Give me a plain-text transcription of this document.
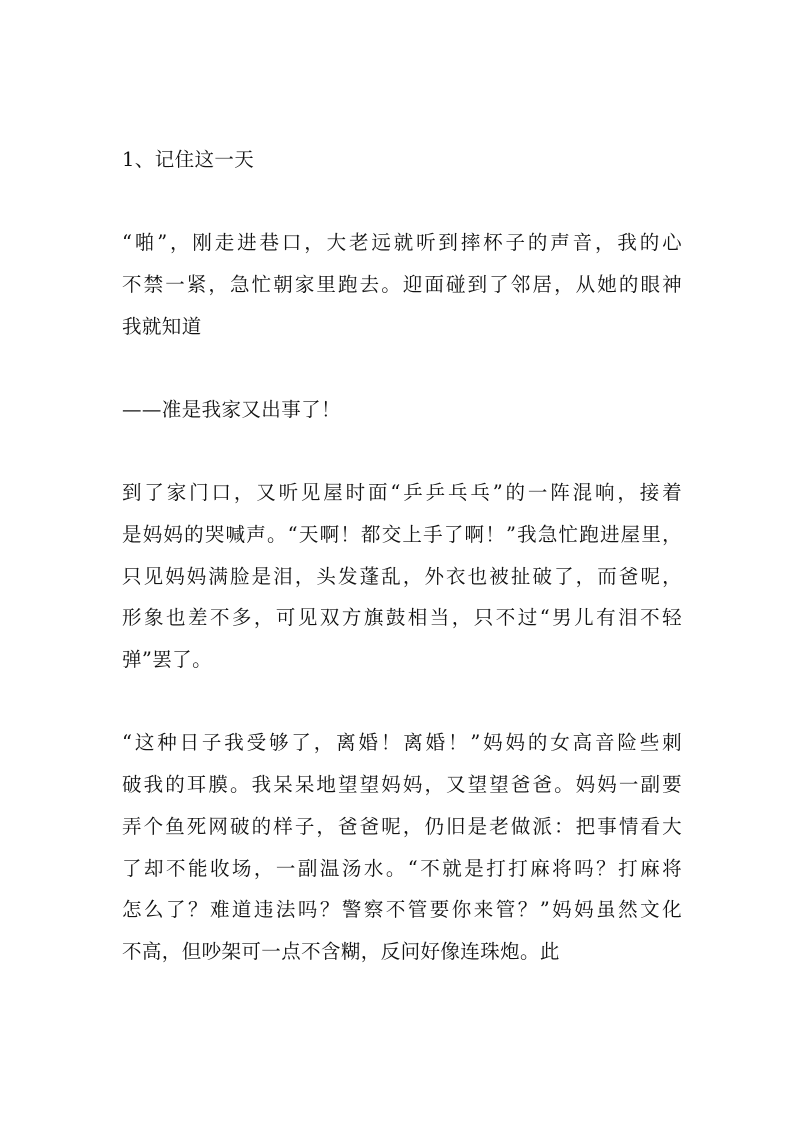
1、记住这一天
“啪”，刚走进巷口，大老远就听到摔杯子的声音，我的心
不禁一紧，急忙朝家里跑去。迎面碰到了邻居，从她的眼神
我就知道
——准是我家又出事了！
到了家门口，又听见屋时面“乒乒乓乓”的一阵混响，接着
是妈妈的哭喊声。“天啊！都交上手了啊！”我急忙跑进屋里，
只见妈妈满脸是泪，头发蓬乱，外衣也被扯破了，而爸呢，
形象也差不多，可见双方旗鼓相当，只不过“男儿有泪不轻
弹”罢了。
“这种日子我受够了，离婚！离婚！”妈妈的女高音险些刺
破我的耳膜。我呆呆地望望妈妈，又望望爸爸。妈妈一副要
弄个鱼死网破的样子，爸爸呢，仍旧是老做派：把事情看大
了却不能收场，一副温汤水。“不就是打打麻将吗？打麻将
怎么了？难道违法吗？警察不管要你来管？”妈妈虽然文化
不高，但吵架可一点不含糊，反问好像连珠炮。此
